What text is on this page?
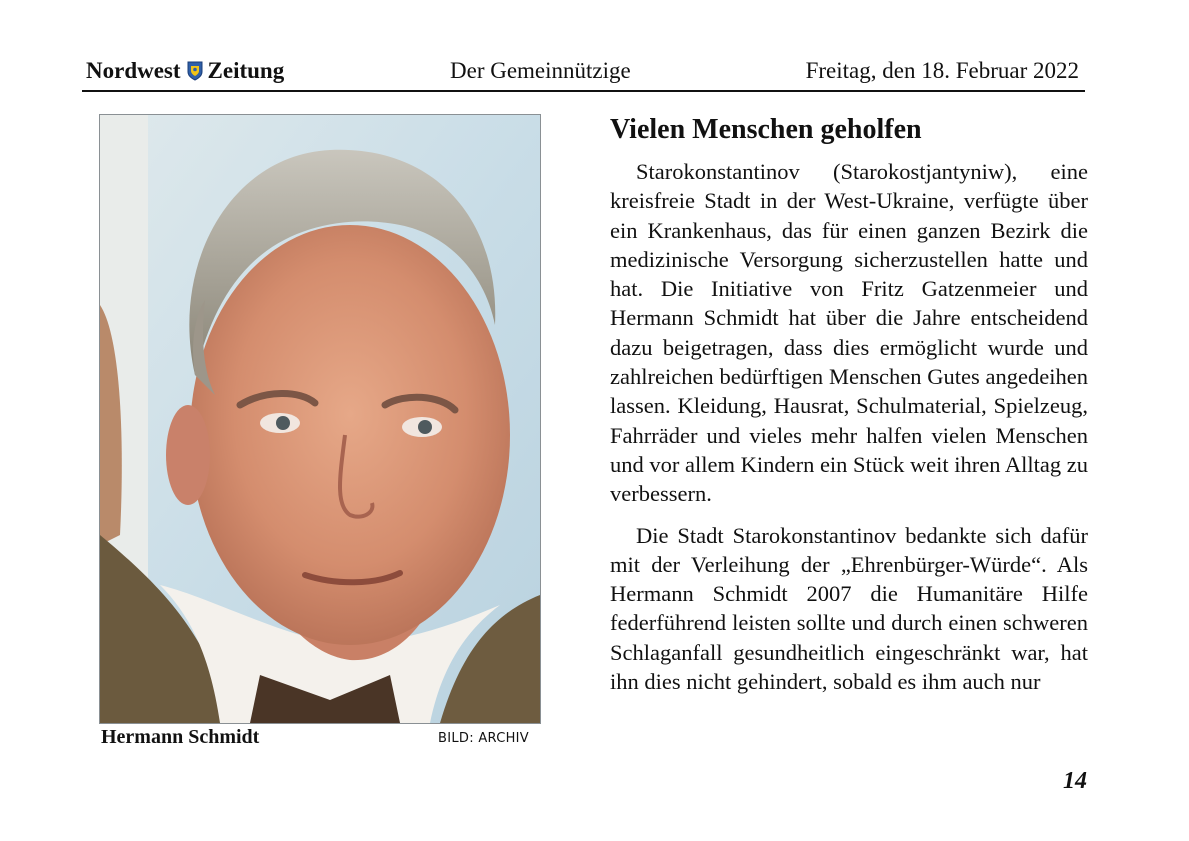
Nordwest Zeitung	Der Gemeinnützige	Freitag, den 18. Februar 2022
Hermann Schmidt	BILD: ARCHIV
Vielen Menschen geholfen

Starokonstantinov (Starokostjantyniw), eine kreisfreie Stadt in der West-Ukraine, verfügte über ein Krankenhaus, das für einen ganzen Bezirk die medizinische Versorgung sicherzustellen hatte und hat. Die Initiative von Fritz Gatzenmeier und Hermann Schmidt hat über die Jahre entscheidend dazu beigetragen, dass dies ermöglicht wurde und zahlreichen bedürftigen Menschen Gutes angedeihen lassen. Kleidung, Hausrat, Schulmaterial, Spielzeug, Fahrräder und vieles mehr halfen vielen Menschen und vor allem Kindern ein Stück weit ihren Alltag zu verbessern.

Die Stadt Starokonstantinov bedankte sich dafür mit der Verleihung der „Ehrenbürger-Würde“. Als Hermann Schmidt 2007 die Humanitäre Hilfe federführend leisten sollte und durch einen schweren Schlaganfall gesundheitlich eingeschränkt war, hat ihn dies nicht gehindert, sobald es ihm auch nur

14
